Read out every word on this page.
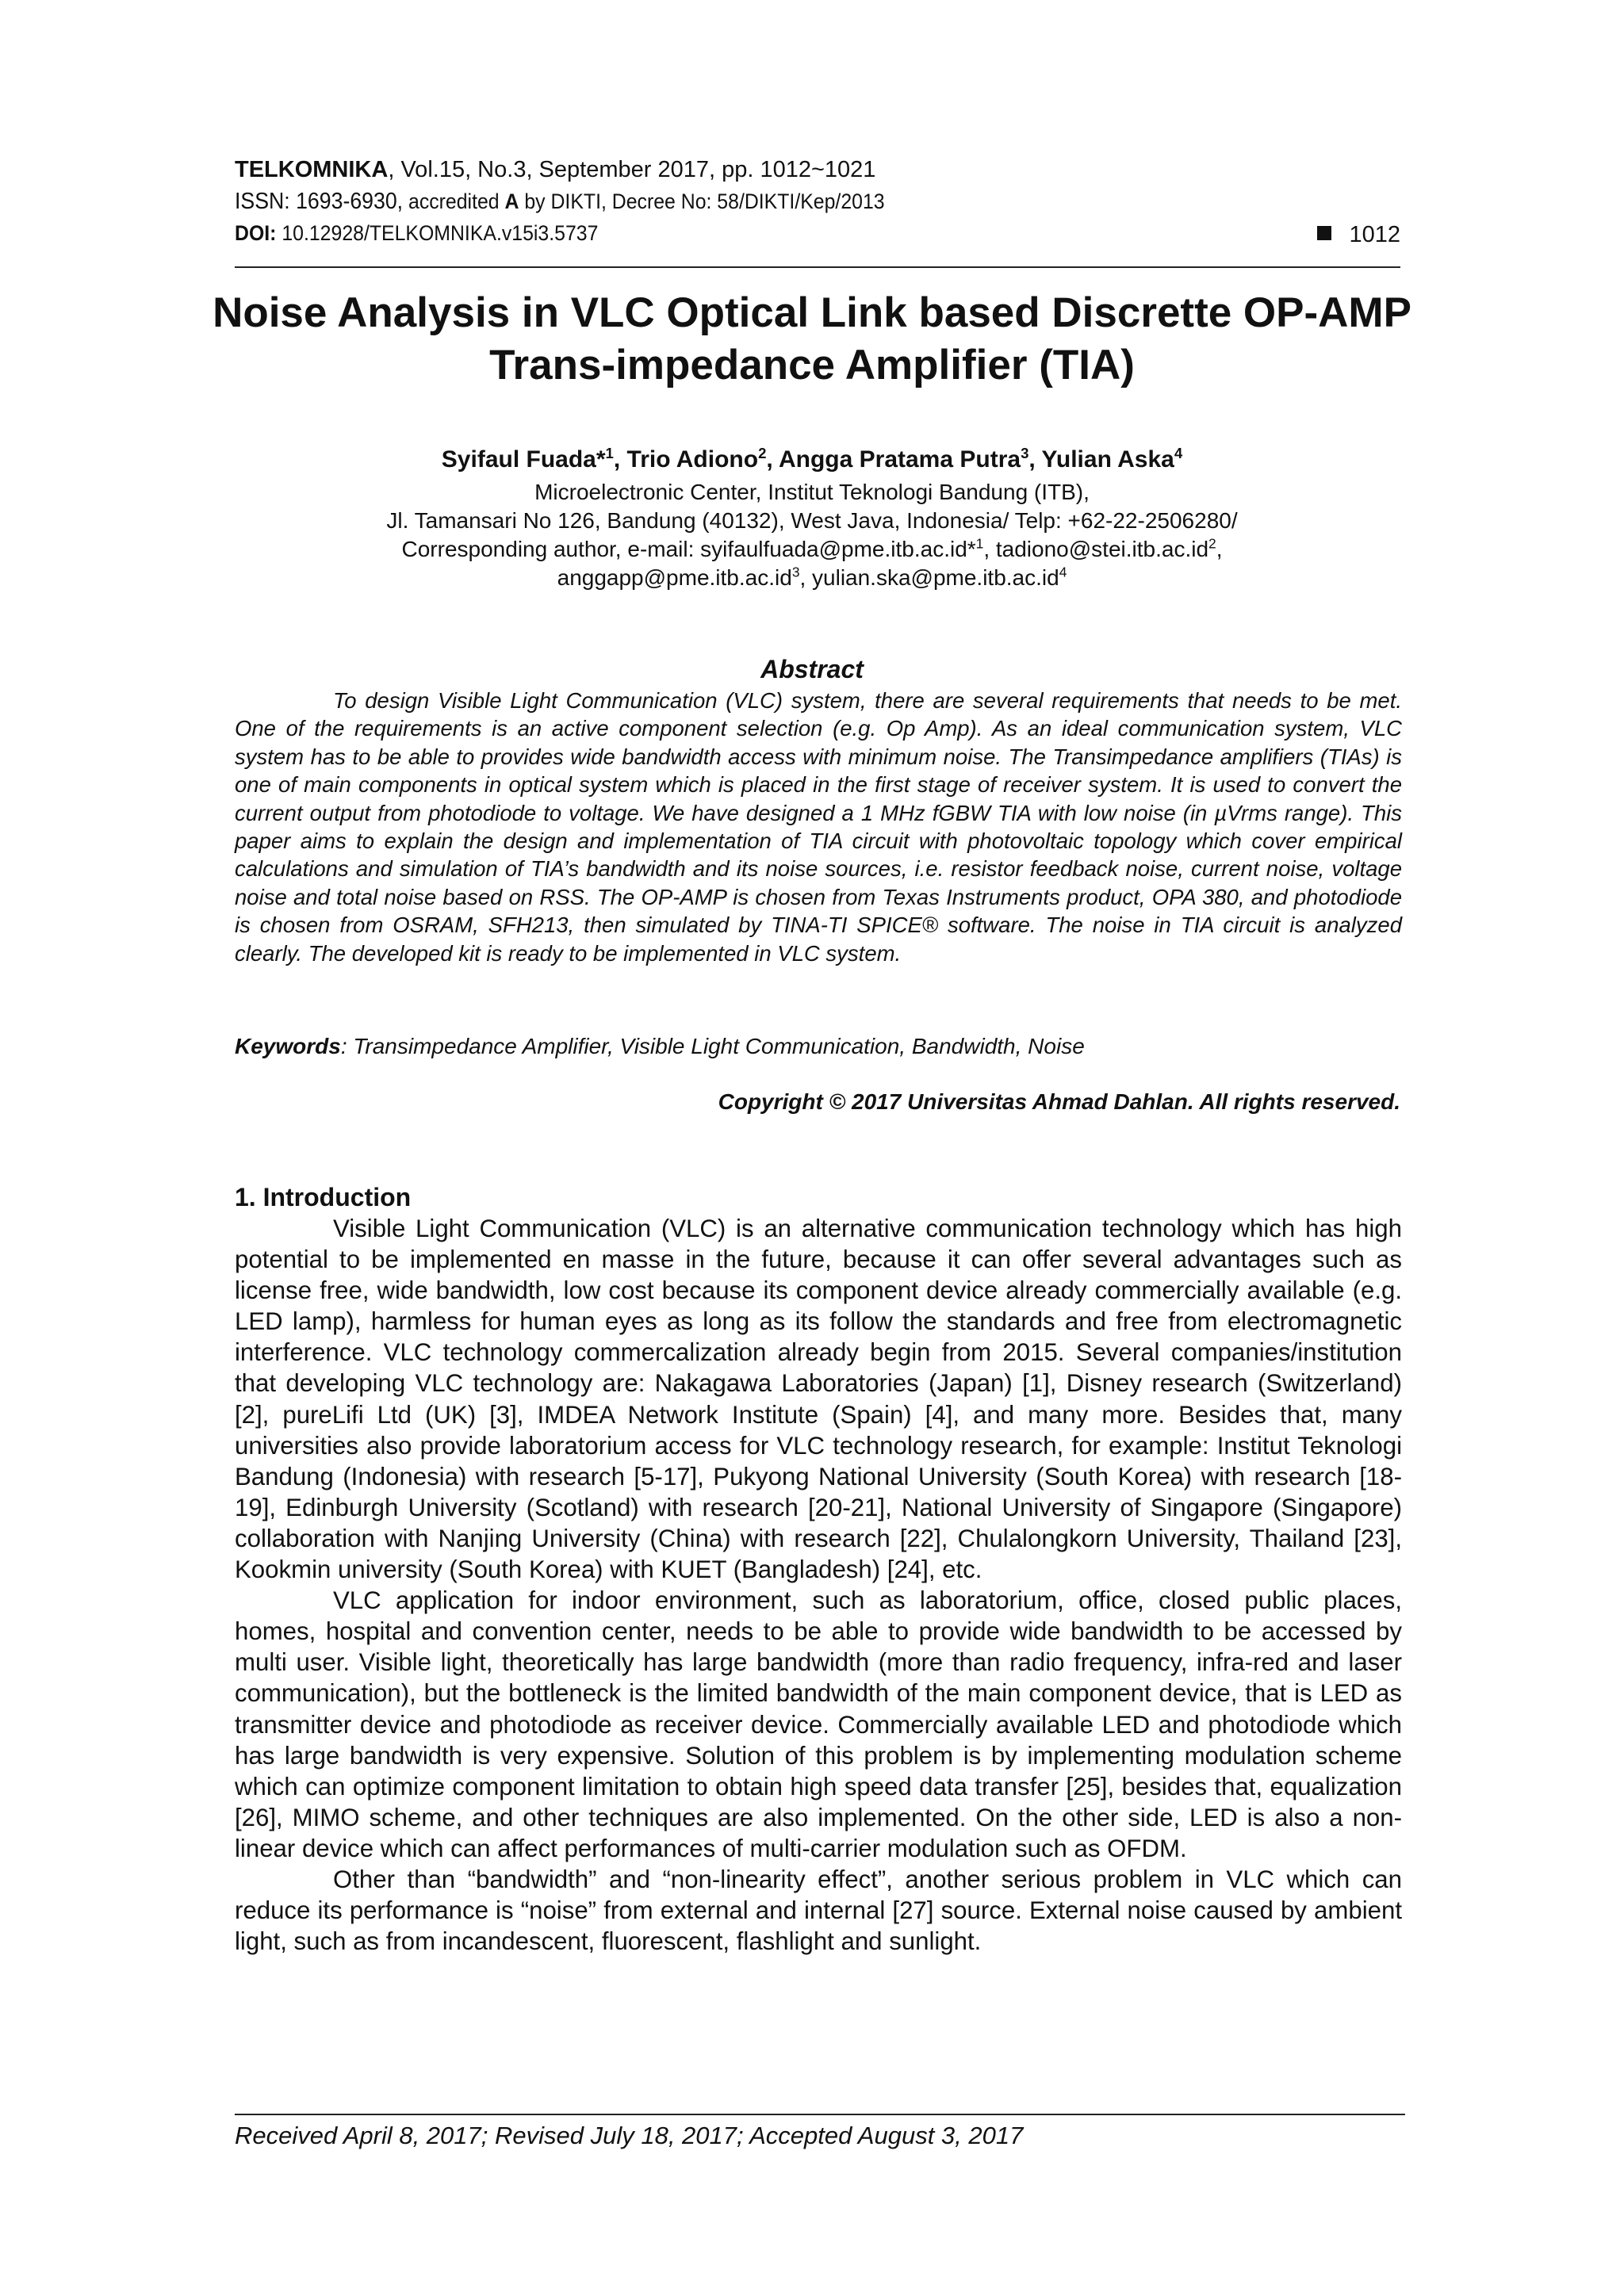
TELKOMNIKA, Vol.15, No.3, September 2017, pp. 1012~1021
ISSN: 1693-6930, accredited A by DIKTI, Decree No: 58/DIKTI/Kep/2013
DOI: 10.12928/TELKOMNIKA.v15i3.5737	1012
Noise Analysis in VLC Optical Link based Discrette OP-AMP Trans-impedance Amplifier (TIA)
Syifaul Fuada*$^1$, Trio Adiono$^2$, Angga Pratama Putra$^3$, Yulian Aska$^4$
Microelectronic Center, Institut Teknologi Bandung (ITB),
Jl. Tamansari No 126, Bandung (40132), West Java, Indonesia/ Telp: +62-22-2506280/
Corresponding author, e-mail: syifaulfuada@pme.itb.ac.id*$^1$, $tadiono@stei.itb.ac.id^2$,
$anggapp@pme.itb.ac.id^3$, $yulian.ska@pme.itb.ac.id^4$
Abstract
To design Visible Light Communication (VLC) system, there are several requirements that needs to be met. One of the requirements is an active component selection (e.g. Op Amp). As an ideal communication system, VLC system has to be able to provides wide bandwidth access with minimum noise. The Transimpedance amplifiers (TIAs) is one of main components in optical system which is placed in the first stage of receiver system. It is used to convert the current output from photodiode to voltage. We have designed a 1 MHz fGBW TIA with low noise (in µVrms range). This paper aims to explain the design and implementation of TIA circuit with photovoltaic topology which cover empirical calculations and simulation of TIA’s bandwidth and its noise sources, i.e. resistor feedback noise, current noise, voltage noise and total noise based on RSS. The OP-AMP is chosen from Texas Instruments product, OPA 380, and photodiode is chosen from OSRAM, SFH213, then simulated by TINA-TI SPICE® software. The noise in TIA circuit is analyzed clearly. The developed kit is ready to be implemented in VLC system.
Keywords: Transimpedance Amplifier, Visible Light Communication, Bandwidth, Noise
Copyright © 2017 Universitas Ahmad Dahlan. All rights reserved.
1. Introduction

Visible Light Communication (VLC) is an alternative communication technology which has high potential to be implemented en masse in the future, because it can offer several advantages such as license free, wide bandwidth, low cost because its component device already commercially available (e.g. LED lamp), harmless for human eyes as long as its follow the standards and free from electromagnetic interference. VLC technology commercalization already begin from 2015. Several companies/institution that developing VLC technology are: Nakagawa Laboratories (Japan) [1], Disney research (Switzerland) [2], pureLifi Ltd (UK) [3], IMDEA Network Institute (Spain) [4], and many more. Besides that, many universities also provide laboratorium access for VLC technology research, for example: Institut Teknologi Bandung (Indonesia) with research [5-17], Pukyong National University (South Korea) with research [18-19], Edinburgh University (Scotland) with research [20-21], National University of Singapore (Singapore) collaboration with Nanjing University (China) with research [22], Chulalongkorn University, Thailand [23], Kookmin university (South Korea) with KUET (Bangladesh) [24], etc.

VLC application for indoor environment, such as laboratorium, office, closed public places, homes, hospital and convention center, needs to be able to provide wide bandwidth to be accessed by multi user. Visible light, theoretically has large bandwidth (more than radio frequency, infra-red and laser communication), but the bottleneck is the limited bandwidth of the main component device, that is LED as transmitter device and photodiode as receiver device. Commercially available LED and photodiode which has large bandwidth is very expensive. Solution of this problem is by implementing modulation scheme which can optimize component limitation to obtain high speed data transfer [25], besides that, equalization [26], MIMO scheme, and other techniques are also implemented. On the other side, LED is also a non-linear device which can affect performances of multi-carrier modulation such as OFDM.

Other than “bandwidth” and “non-linearity effect”, another serious problem in VLC which can reduce its performance is “noise” from external and internal [27] source. External noise caused by ambient light, such as from incandescent, fluorescent, flashlight and sunlight.

Received April 8, 2017; Revised July 18, 2017; Accepted August 3, 2017
